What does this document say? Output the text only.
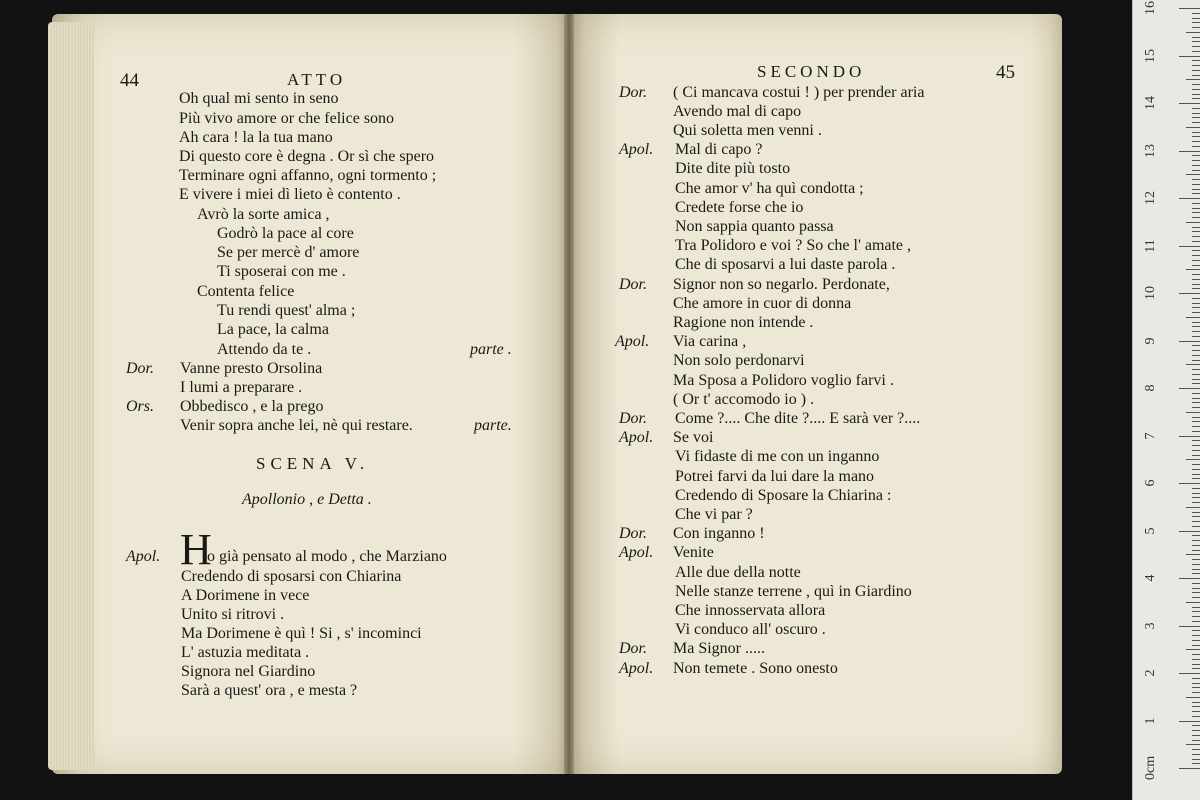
44	ATTO
Oh qual mi sento in seno
Più vivo amore or che felice sono
Ah cara ! la la tua mano
Di questo core è degna . Or sì che spero
Terminare ogni affanno, ogni tormento ;
E vivere i miei dì lieto è contento .
Avrò la sorte amica ,
Godrò la pace al core
Se per mercè d' amore
Ti sposerai con me .
Contenta felice
Tu rendi quest' alma ;
La pace, la calma
Attendo da te .
Vanne presto Orsolina
I lumi a preparare .
Obbedisco , e la prego
Venir sopra anche lei, nè qui restare.
SCENA V.
Apollonio , e Detta .
o già pensato al modo , che Marziano
Credendo di sposarsi con Chiarina
A Dorimene in vece
Unito si ritrovi .
Ma Dorimene è quì ! Si , s' incominci
L' astuzia meditata .
Signora nel Giardino
Sarà a quest' ora , e mesta ?
Dor.
Ors.
Apol.
parte .
parte.
H
SECONDO	45
( Ci mancava costui ! ) per prender aria
Avendo mal di capo
Qui soletta men venni .
Mal di capo ?
Dite dite più tosto
Che amor v' ha quì condotta ;
Credete forse che io
Non sappia quanto passa
Tra Polidoro e voi ? So che l' amate ,
Che di sposarvi a lui daste parola .
Signor non so negarlo. Perdonate,
Che amore in cuor di donna
Ragione non intende .
Via carina ,
Non solo perdonarvi
Ma Sposa a Polidoro voglio farvi .
( Or t' accomodo io ) .
Come ?.... Che dite ?.... E sarà ver ?....
Se voi
Vi fidaste di me con un inganno
Potrei farvi da lui dare la mano
Credendo di Sposare la Chiarina :
Che vi par ?
Con inganno !
Venite
Alle due della notte
Nelle stanze terrene , quì in Giardino
Che innosservata allora
Vi conduco all' oscuro .
Ma Signor .....
Non temete . Sono onesto
Dor.
Apol.
Dor.
Apol.
Dor.
Apol.
Dor.
Apol.
Dor.
Apol.
0cm
1
2
3
4
5
6
7
8
9
10
11
12
13
14
15
16
